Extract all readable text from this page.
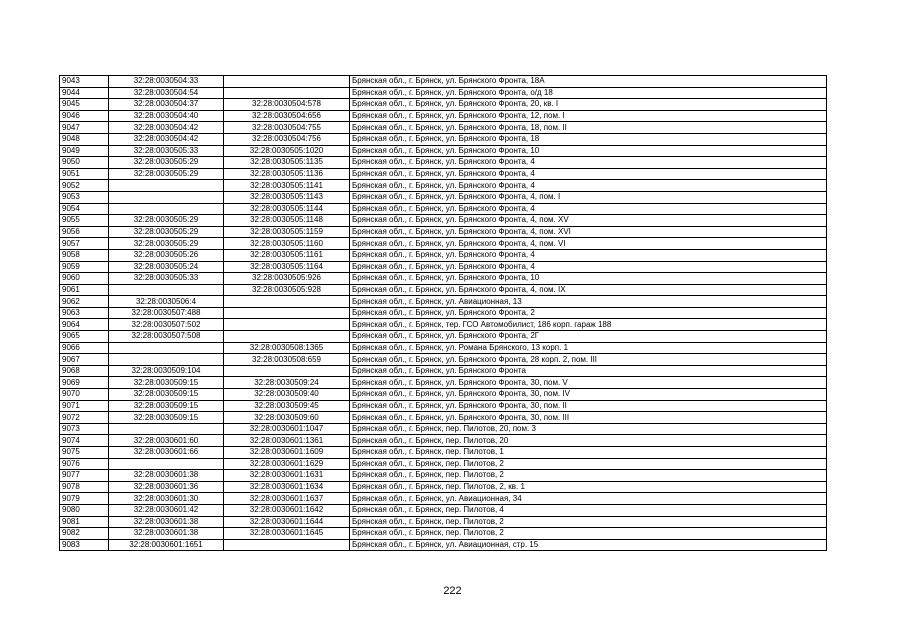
9043	32:28:0030504:33		Брянская обл., г. Брянск, ул. Брянского Фронта, 18А
9044	32:28:0030504:54		Брянская обл., г. Брянск, ул. Брянского Фронта, о/д 18
9045	32:28:0030504:37	32:28:0030504:578	Брянская обл., г. Брянск, ул. Брянского Фронта, 20, кв. I
9046	32:28:0030504:40	32:28:0030504:656	Брянская обл., г. Брянск, ул. Брянского Фронта, 12, пом. I
9047	32:28:0030504:42	32:28:0030504:755	Брянская обл., г. Брянск, ул. Брянского Фронта, 18, пом. II
9048	32:28:0030504:42	32:28:0030504:756	Брянская обл., г. Брянск, ул. Брянского Фронта, 18
9049	32:28:0030505:33	32:28:0030505:1020	Брянская обл., г. Брянск, ул. Брянского Фронта, 10
9050	32:28:0030505:29	32:28:0030505:1135	Брянская обл., г. Брянск, ул. Брянского Фронта, 4
9051	32:28:0030505:29	32:28:0030505:1136	Брянская обл., г. Брянск, ул. Брянского Фронта, 4
9052		32:28:0030505:1141	Брянская обл., г. Брянск, ул. Брянского Фронта, 4
9053		32:28:0030505:1143	Брянская обл., г. Брянск, ул. Брянского Фронта, 4, пом. I
9054		32:28:0030505:1144	Брянская обл., г. Брянск, ул. Брянского Фронта, 4
9055	32:28:0030505:29	32:28:0030505:1148	Брянская обл., г. Брянск, ул. Брянского Фронта, 4, пом. XV
9056	32:28:0030505:29	32:28:0030505:1159	Брянская обл., г. Брянск, ул. Брянского Фронта, 4, пом. XVI
9057	32:28:0030505:29	32:28:0030505:1160	Брянская обл., г. Брянск, ул. Брянского Фронта, 4, пом. VI
9058	32:28:0030505:26	32:28:0030505:1161	Брянская обл., г. Брянск, ул. Брянского Фронта, 4
9059	32:28:0030505:24	32:28:0030505:1164	Брянская обл., г. Брянск, ул. Брянского Фронта, 4
9060	32:28:0030505:33	32:28:0030505:926	Брянская обл., г. Брянск, ул. Брянского Фронта, 10
9061		32:28:0030505:928	Брянская обл., г. Брянск, ул. Брянского Фронта, 4, пом. IX
9062	32:28:0030506:4		Брянская обл., г. Брянск, ул. Авиационная, 13
9063	32:28:0030507:488		Брянская обл., г. Брянск, ул. Брянского Фронта, 2
9064	32:28:0030507:502		Брянская обл., г. Брянск, тер. ГСО Автомобилист, 186 корп. гараж 188
9065	32:28:0030507:508		Брянская обл., г. Брянск, ул. Брянского Фронта, 2Г
9066		32:28:0030508:1365	Брянская обл., г. Брянск, ул. Романа Брянского, 13 корп. 1
9067		32:28:0030508:659	Брянская обл., г. Брянск, ул. Брянского Фронта, 28 корп. 2, пом. III
9068	32:28:0030509:104		Брянская обл., г. Брянск, ул. Брянского Фронта
9069	32:28:0030509:15	32:28:0030509:24	Брянская обл., г. Брянск, ул. Брянского Фронта, 30, пом. V
9070	32:28:0030509:15	32:28:0030509:40	Брянская обл., г. Брянск, ул. Брянского Фронта, 30, пом. IV
9071	32:28:0030509:15	32:28:0030509:45	Брянская обл., г. Брянск, ул. Брянского Фронта, 30, пом. II
9072	32:28:0030509:15	32:28:0030509:60	Брянская обл., г. Брянск, ул. Брянского Фронта, 30, пом. III
9073		32:28:0030601:1047	Брянская обл., г. Брянск, пер. Пилотов, 20, пом. 3
9074	32:28:0030601:60	32:28:0030601:1361	Брянская обл., г. Брянск, пер. Пилотов, 20
9075	32:28:0030601:66	32:28:0030601:1609	Брянская обл., г. Брянск, пер. Пилотов, 1
9076		32:28:0030601:1629	Брянская обл., г. Брянск, пер. Пилотов, 2
9077	32:28:0030601:38	32:28:0030601:1631	Брянская обл., г. Брянск, пер. Пилотов, 2
9078	32:28:0030601:36	32:28:0030601:1634	Брянская обл., г. Брянск, пер. Пилотов, 2, кв. 1
9079	32:28:0030601:30	32:28:0030601:1637	Брянская обл., г. Брянск, ул. Авиационная, 34
9080	32:28:0030601:42	32:28:0030601:1642	Брянская обл., г. Брянск, пер. Пилотов, 4
9081	32:28:0030601:38	32:28:0030601:1644	Брянская обл., г. Брянск, пер. Пилотов, 2
9082	32:28:0030601:38	32:28:0030601:1645	Брянская обл., г. Брянск, пер. Пилотов, 2
9083	32:28:0030601:1651		Брянская обл., г. Брянск, ул. Авиационная, стр. 15
222
